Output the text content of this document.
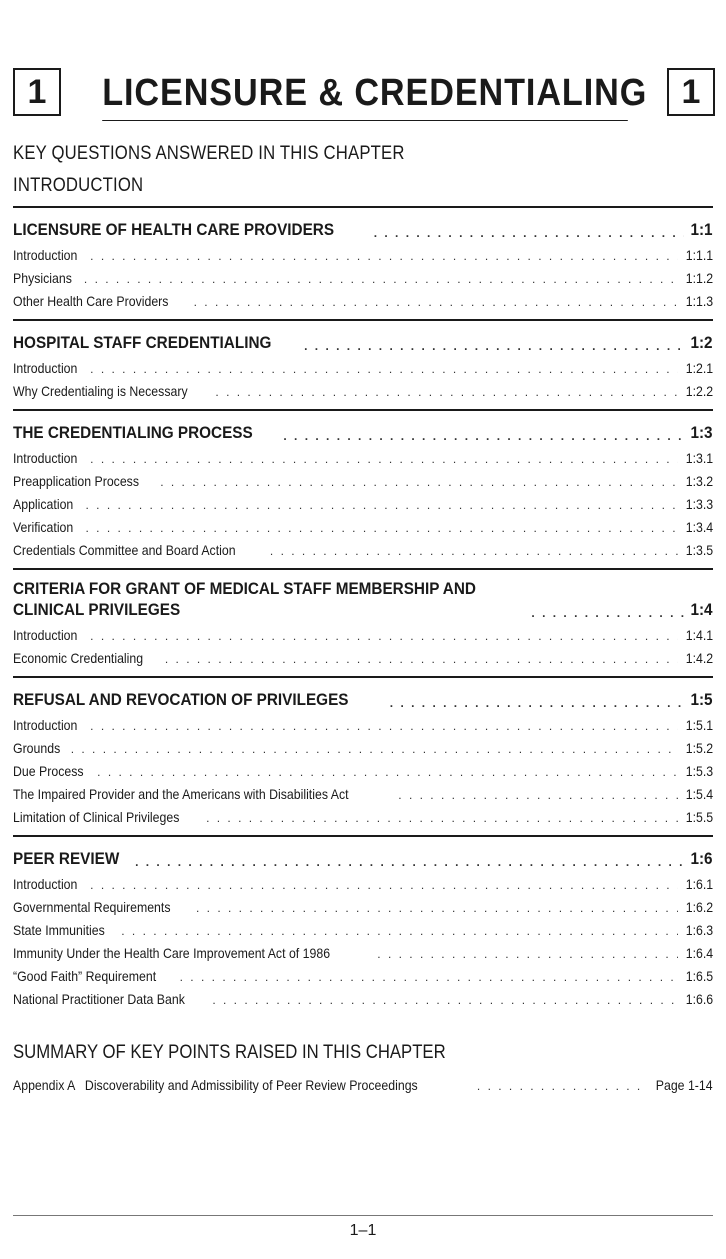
1	LICENSURE & CREDENTIALING	1
KEY QUESTIONS ANSWERED IN THIS CHAPTER
INTRODUCTION
LICENSURE OF HEALTH CARE PROVIDERS . . .	1:1
Introduction . . .	1:1.1
Physicians . . .	1:1.2
Other Health Care Providers . . .	1:1.3
HOSPITAL STAFF CREDENTIALING . . .	1:2
Introduction . . .	1:2.1
Why Credentialing is Necessary . . .	1:2.2
THE CREDENTIALING PROCESS . . .	1:3
Introduction . . .	1:3.1
Preapplication Process . . .	1:3.2
Application . . .	1:3.3
Verification . . .	1:3.4
Credentials Committee and Board Action . . .	1:3.5
CRITERIA FOR GRANT OF MEDICAL STAFF MEMBERSHIP AND
CLINICAL PRIVILEGES . . .	1:4
Introduction . . .	1:4.1
Economic Credentialing . . .	1:4.2
REFUSAL AND REVOCATION OF PRIVILEGES . . .	1:5
Introduction . . .	1:5.1
Grounds . . .	1:5.2
Due Process . . .	1:5.3
The Impaired Provider and the Americans with Disabilities Act . . .	1:5.4
Limitation of Clinical Privileges . . .	1:5.5
PEER REVIEW . . .	1:6
Introduction . . .	1:6.1
Governmental Requirements . . .	1:6.2
State Immunities . . .	1:6.3
Immunity Under the Health Care Improvement Act of 1986 . . .	1:6.4
“Good Faith” Requirement . . .	1:6.5
National Practitioner Data Bank . . .	1:6.6
SUMMARY OF KEY POINTS RAISED IN THIS CHAPTER
Appendix A   Discoverability and Admissibility of Peer Review Proceedings . . .	Page 1-14
1–1
